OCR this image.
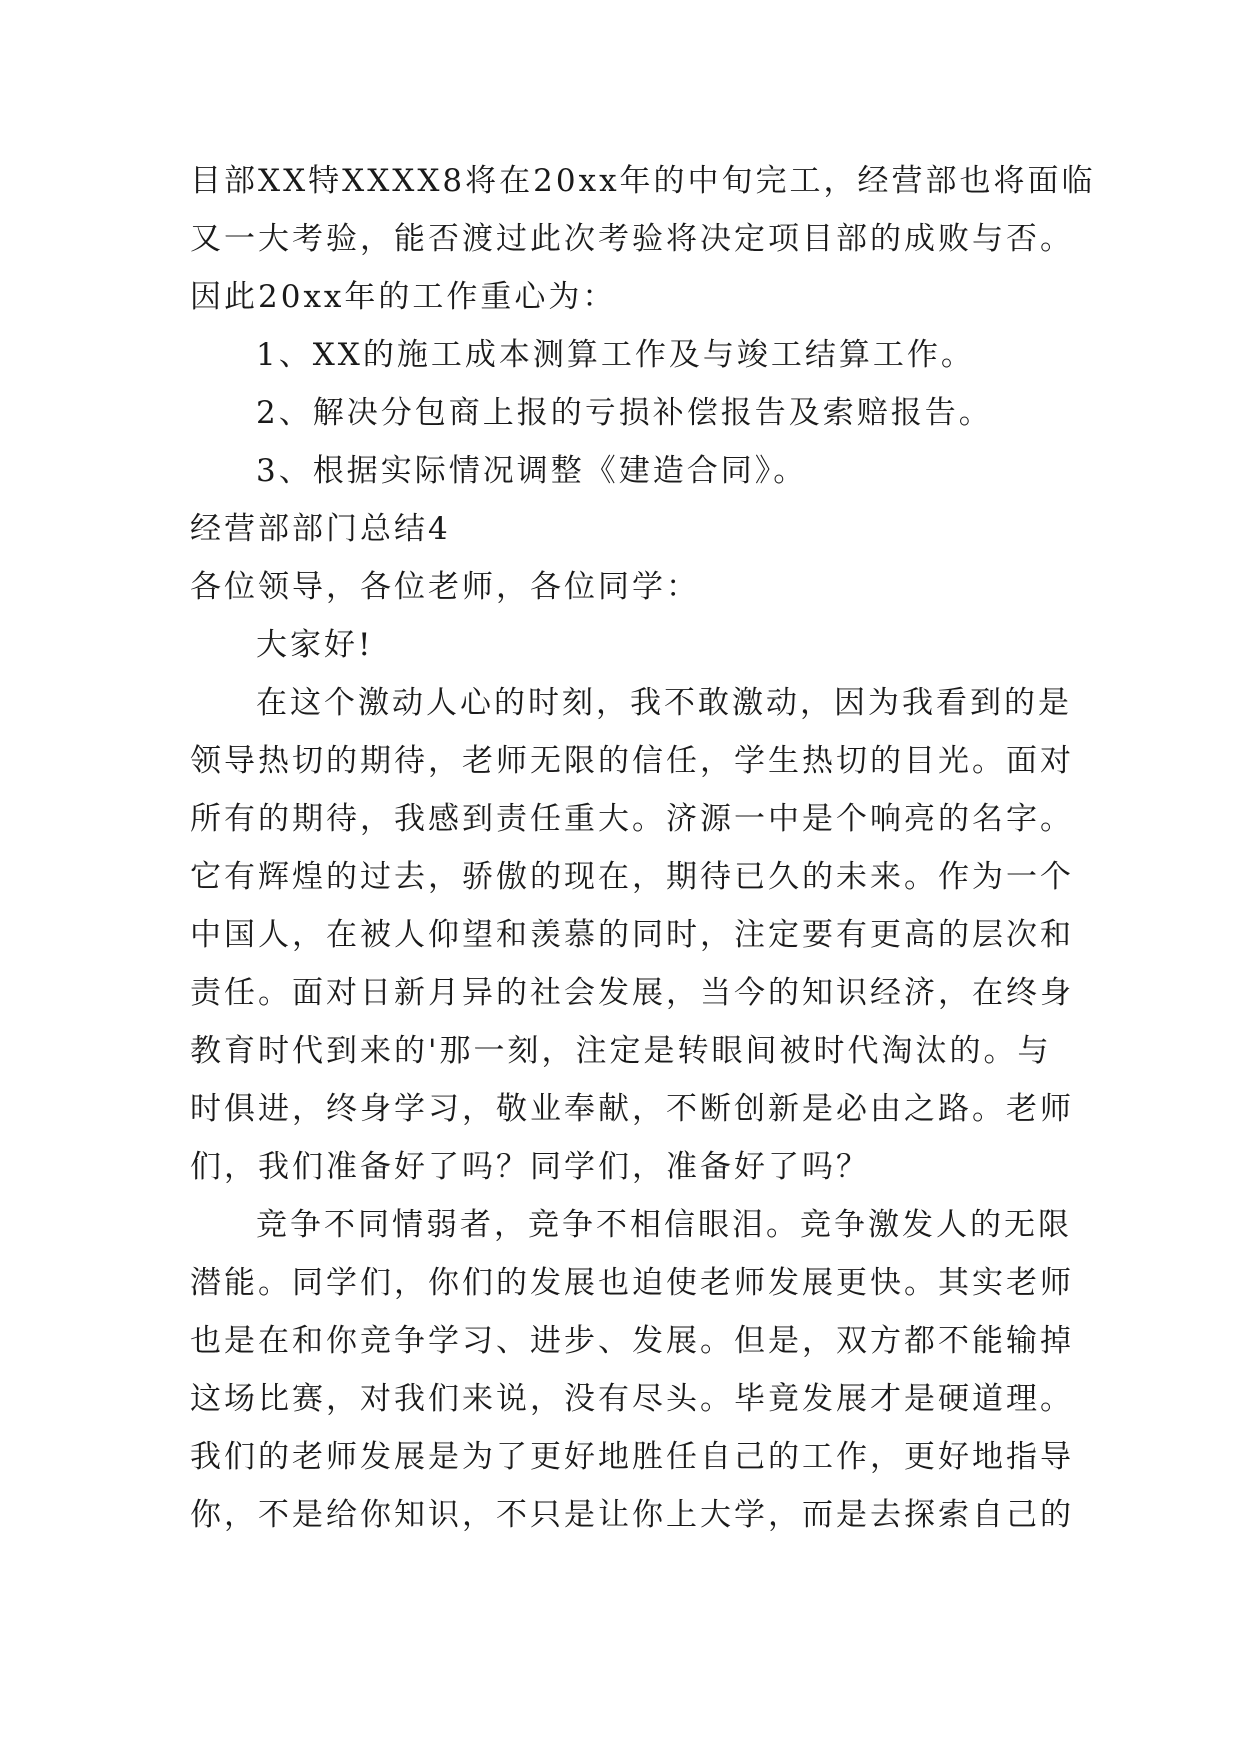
目部XX特XXXX8将在20xx年的中旬完工，经营部也将面临
又一大考验，能否渡过此次考验将决定项目部的成败与否。
因此20xx年的工作重心为：
1、XX的施工成本测算工作及与竣工结算工作。
2、解决分包商上报的亏损补偿报告及索赔报告。
3、根据实际情况调整《建造合同》。
经营部部门总结4
各位领导，各位老师，各位同学：
大家好!
在这个激动人心的时刻，我不敢激动，因为我看到的是
领导热切的期待，老师无限的信任，学生热切的目光。面对
所有的期待，我感到责任重大。济源一中是个响亮的名字。
它有辉煌的过去，骄傲的现在，期待已久的未来。作为一个
中国人，在被人仰望和羡慕的同时，注定要有更高的层次和
责任。面对日新月异的社会发展，当今的知识经济，在终身
教育时代到来的'那一刻，注定是转眼间被时代淘汰的。与
时俱进，终身学习，敬业奉献，不断创新是必由之路。老师
们，我们准备好了吗？同学们，准备好了吗？
竞争不同情弱者，竞争不相信眼泪。竞争激发人的无限
潜能。同学们，你们的发展也迫使老师发展更快。其实老师
也是在和你竞争学习、进步、发展。但是，双方都不能输掉
这场比赛，对我们来说，没有尽头。毕竟发展才是硬道理。
我们的老师发展是为了更好地胜任自己的工作，更好地指导
你，不是给你知识，不只是让你上大学，而是去探索自己的
